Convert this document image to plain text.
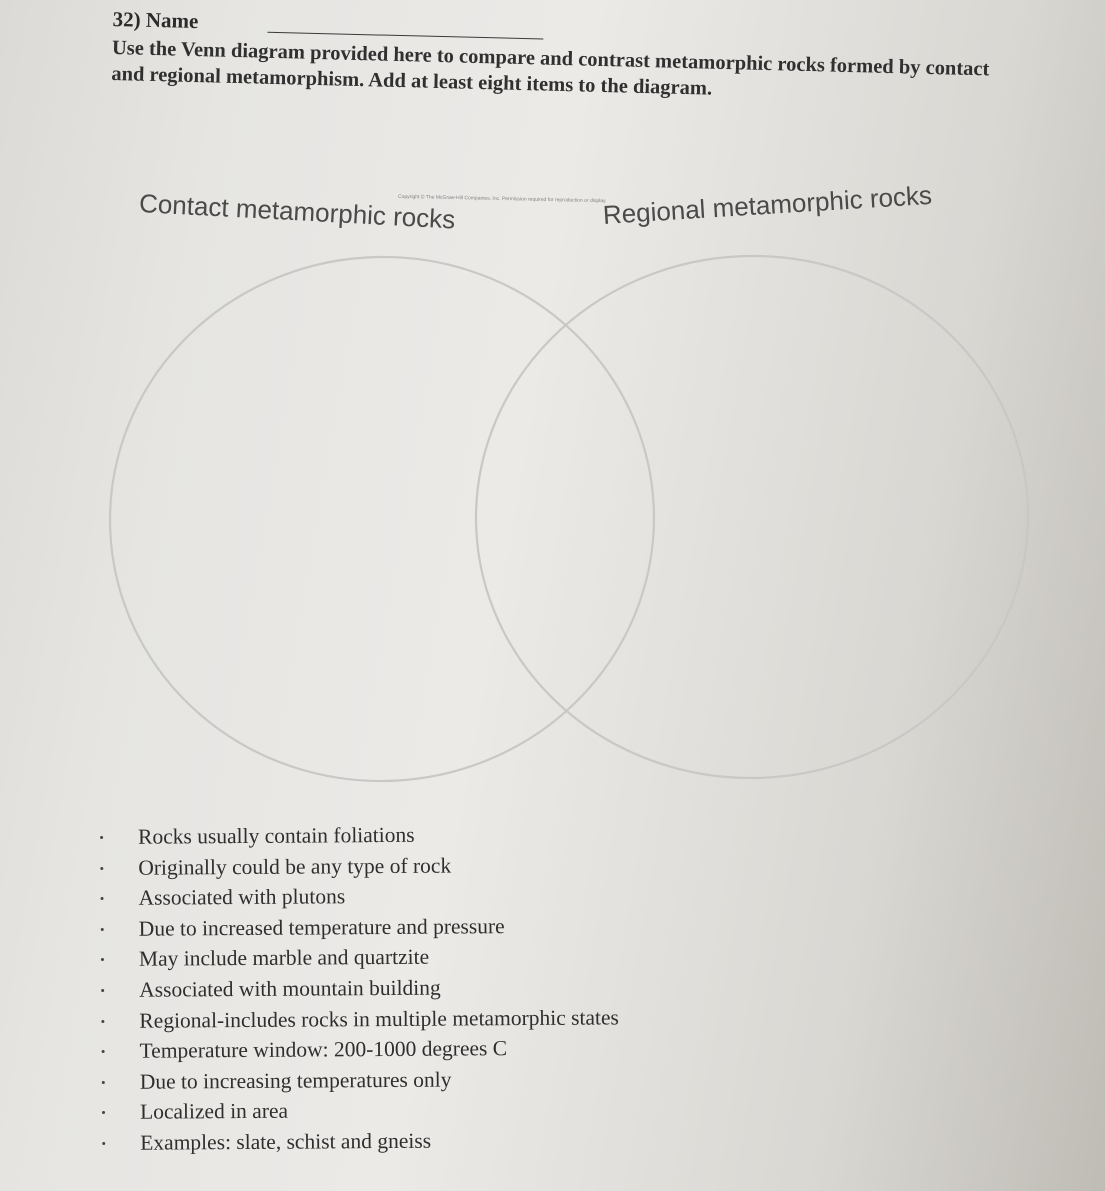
32) Name

Use the Venn diagram provided here to compare and contrast metamorphic rocks formed by contact and regional metamorphism. Add at least eight items to the diagram.

Copyright © The McGraw-Hill Companies, Inc. Permission required for reproduction or display.
Contact metamorphic rocks	Regional metamorphic rocks
Rocks usually contain foliations
Originally could be any type of rock
Associated with plutons
Due to increased temperature and pressure
May include marble and quartzite
Associated with mountain building
Regional-includes rocks in multiple metamorphic states
Temperature window: 200-1000 degrees C
Due to increasing temperatures only
Localized in area
Examples: slate, schist and gneiss
